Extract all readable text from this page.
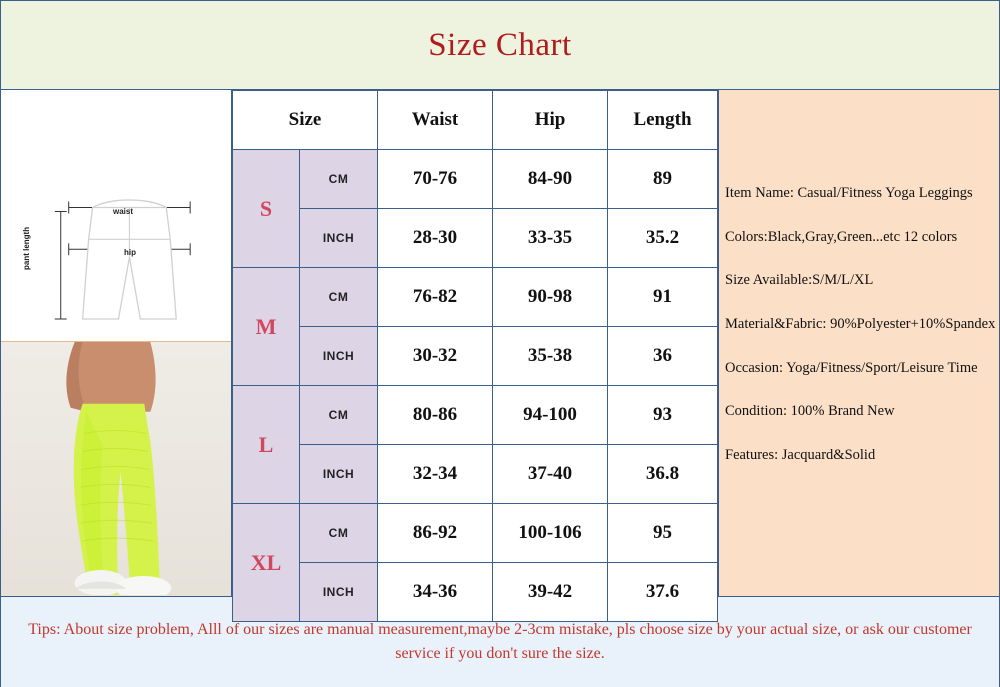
Size Chart
waist
hip
pant length
Size		Waist	Hip	Length
S	CM	70-76	84-90	89
	INCH	28-30	33-35	35.2
M	CM	76-82	90-98	91
	INCH	30-32	35-38	36
L	CM	80-86	94-100	93
	INCH	32-34	37-40	36.8
XL	CM	86-92	100-106	95
	INCH	34-36	39-42	37.6
Item Name: Casual/Fitness Yoga Leggings
Colors:Black,Gray,Green...etc 12 colors
Size Available:S/M/L/XL
Material&Fabric: 90%Polyester+10%Spandex
Occasion: Yoga/Fitness/Sport/Leisure Time
Condition: 100% Brand New
Features: Jacquard&Solid
Tips: About size problem, Alll of our sizes are manual measurement,maybe 2-3cm mistake, pls choose size by your actual size, or ask our customer service if you don't sure the size.
